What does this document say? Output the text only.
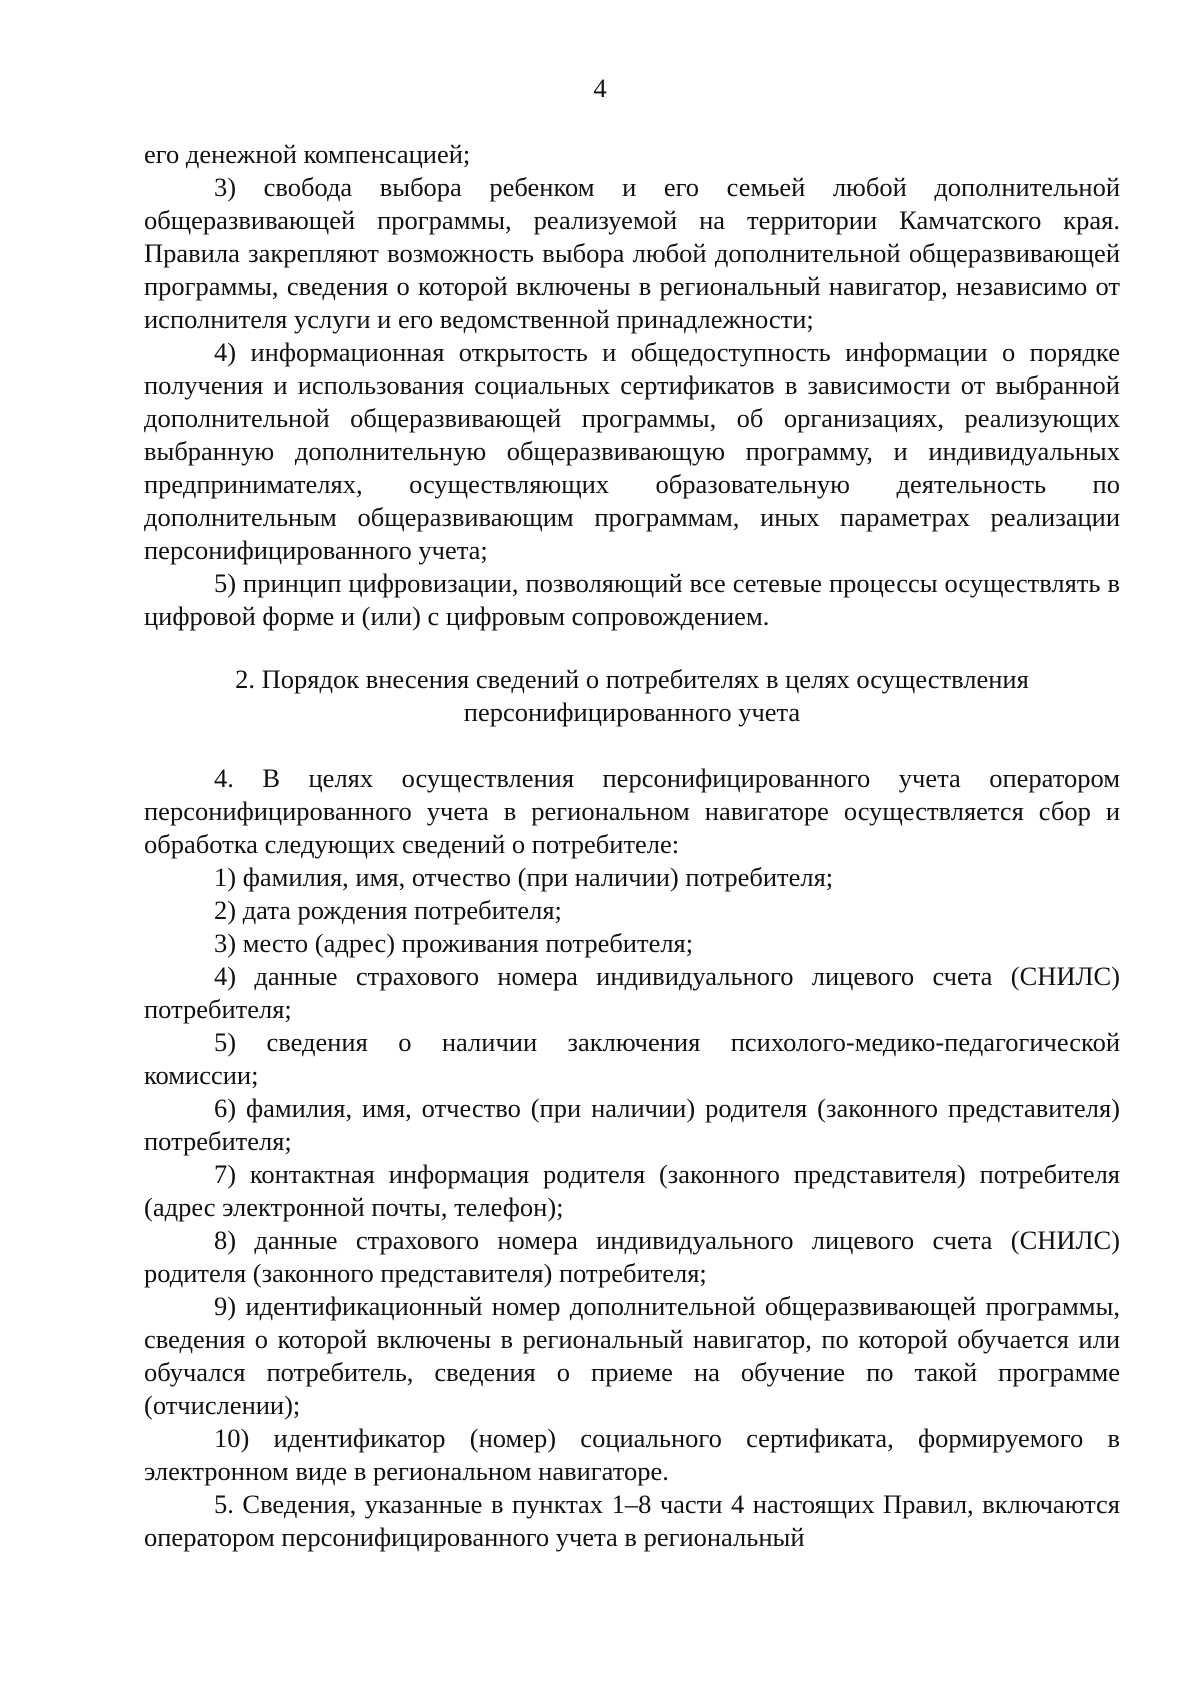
4

его денежной компенсацией;

3) свобода выбора ребенком и его семьей любой дополнительной общеразвивающей программы, реализуемой на территории Камчатского края. Правила закрепляют возможность выбора любой дополнительной общеразвивающей программы, сведения о которой включены в региональный навигатор, независимо от исполнителя услуги и его ведомственной принадлежности;

4) информационная открытость и общедоступность информации о порядке получения и использования социальных сертификатов в зависимости от выбранной дополнительной общеразвивающей программы, об организациях, реализующих выбранную дополнительную общеразвивающую программу, и индивидуальных предпринимателях, осуществляющих образовательную деятельность по дополнительным общеразвивающим программам, иных параметрах реализации персонифицированного учета;

5) принцип цифровизации, позволяющий все сетевые процессы осуществлять в цифровой форме и (или) с цифровым сопровождением.

2. Порядок внесения сведений о потребителях в целях осуществления
персонифицированного учета

4. В целях осуществления персонифицированного учета оператором персонифицированного учета в региональном навигаторе осуществляется сбор и обработка следующих сведений о потребителе:

1) фамилия, имя, отчество (при наличии) потребителя;

2) дата рождения потребителя;

3) место (адрес) проживания потребителя;

4) данные страхового номера индивидуального лицевого счета (СНИЛС) потребителя;

5) сведения о наличии заключения психолого-медико-педагогической комиссии;

6) фамилия, имя, отчество (при наличии) родителя (законного представителя) потребителя;

7) контактная информация родителя (законного представителя) потребителя (адрес электронной почты, телефон);

8) данные страхового номера индивидуального лицевого счета (СНИЛС) родителя (законного представителя) потребителя;

9) идентификационный номер дополнительной общеразвивающей программы, сведения о которой включены в региональный навигатор, по которой обучается или обучался потребитель, сведения о приеме на обучение по такой программе (отчислении);

10) идентификатор (номер) социального сертификата, формируемого в электронном виде в региональном навигаторе.

5. Сведения, указанные в пунктах 1–8 части 4 настоящих Правил, включаются оператором персонифицированного учета в региональный
